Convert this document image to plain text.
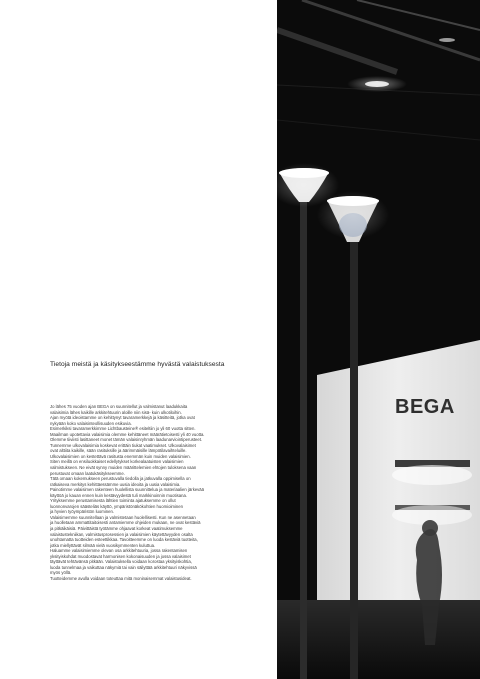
Tietoja meistä ja käsitykseestämme hyvästä valaistuksesta

Jo lähes 75 vuoden ajan BEGA on suunnitellut ja valmistanut laadukkaita

valaisimia lähes kaikille arkkitehtuurin aloille niin sisä- kuin ulkotiloihin.

Ajan myötä ideoistamme on kehittynyt tavaramerkkejä ja käsitteitä, jotka ovat

nykyään koko valaisinteollisuuden esikuvia.

Esimerkiksi tavaramerkkimme Lichtbausteine® esiteltiin jo yli 60 vuotta sitten.

Maailman upotettavia valaisimia olemme kehittäneet määrätietoisesti yli 40 vuotta.

Olemme tiiviisti lasittaneet monet tämän valaisinryhmän laadunarviointiperusteet.

Tunnemme ulkovalaisimia koskevat erittäin tiukat vaatimukset. Ulkovalaisimet

ovat alttiita kaikille, sään rasituksille ja äärimmäisille lämpötilavaihteluille.

Ulkovalaisimien on kestettävä rasitusta enemmän kuin muiden valaisimien.

Siten meillä on ensiluokkaiset edellytykset korkealaatuisten valaisimien

valmistukseen. Ne eivät synny muiden määrittelemien ehtojen tuloksena vaan

perustuvat omaan laatukäsitykseemme.

Tätä omaan kokemukseen perustuvalla tiedolla ja jatkuvalla oppimisella on

ratkaiseva merkitys kehittäessämme uusia ideoita ja uusia valaisimia.

Painotimme valaisimen rakenteen huolellista suunnittelua ja materiaalien järkevää

käyttöä jo kauan ennen kuin kestävyydestä tuli markkinoinnin muotisana.

Yrityksemme perustamisesta lähtien toiminta ajatuksemme on ollut

luonnonvarojen säästeliäs käyttö, ympäristönäkökohtien huomioiminen

ja hyvien työympäristön luominen.

Valaisimemme suunnitellaan ja valmistetaan huolellisesti. Kun ne asennetaan

ja huolletaan ammattitaitoisesti antamiemme ohjeiden mukaan, ne ovat kestäviä

ja pitkäikäisiä. Päivittäistä työtämme ohjaavat korkeat vaatimuksemme

valaistustekniikan, valmistusprosessien ja valaisimien käytettävyyden osalta

unohtamatta tuotteiden esteettikkaa. Tavoitteemme on luoda kestäviä tuotteita,

jotka miellyttävät silmää vielä vuosikymmenten kuluttua.

Haluamme valaisimiemme olevan osa arkkitehtuuria, jossa rakentamisen

yksityiskohdat muodostavat harmonisen kokonaisuuden ja jossa valaisimet

täyttävät tehtävänsä pitkään. Valaistuksella voidaan korostaa yksityiskohtia,

luoda tunnelmaa ja vaikuttaa näkymiä tai vain säilyttää arkkitehtuuri näkyvissä

myös yöllä.

Tuotteidemme avulla voidaan toteuttaa mitä moninaisemmat valaistusideat.

BEGA
